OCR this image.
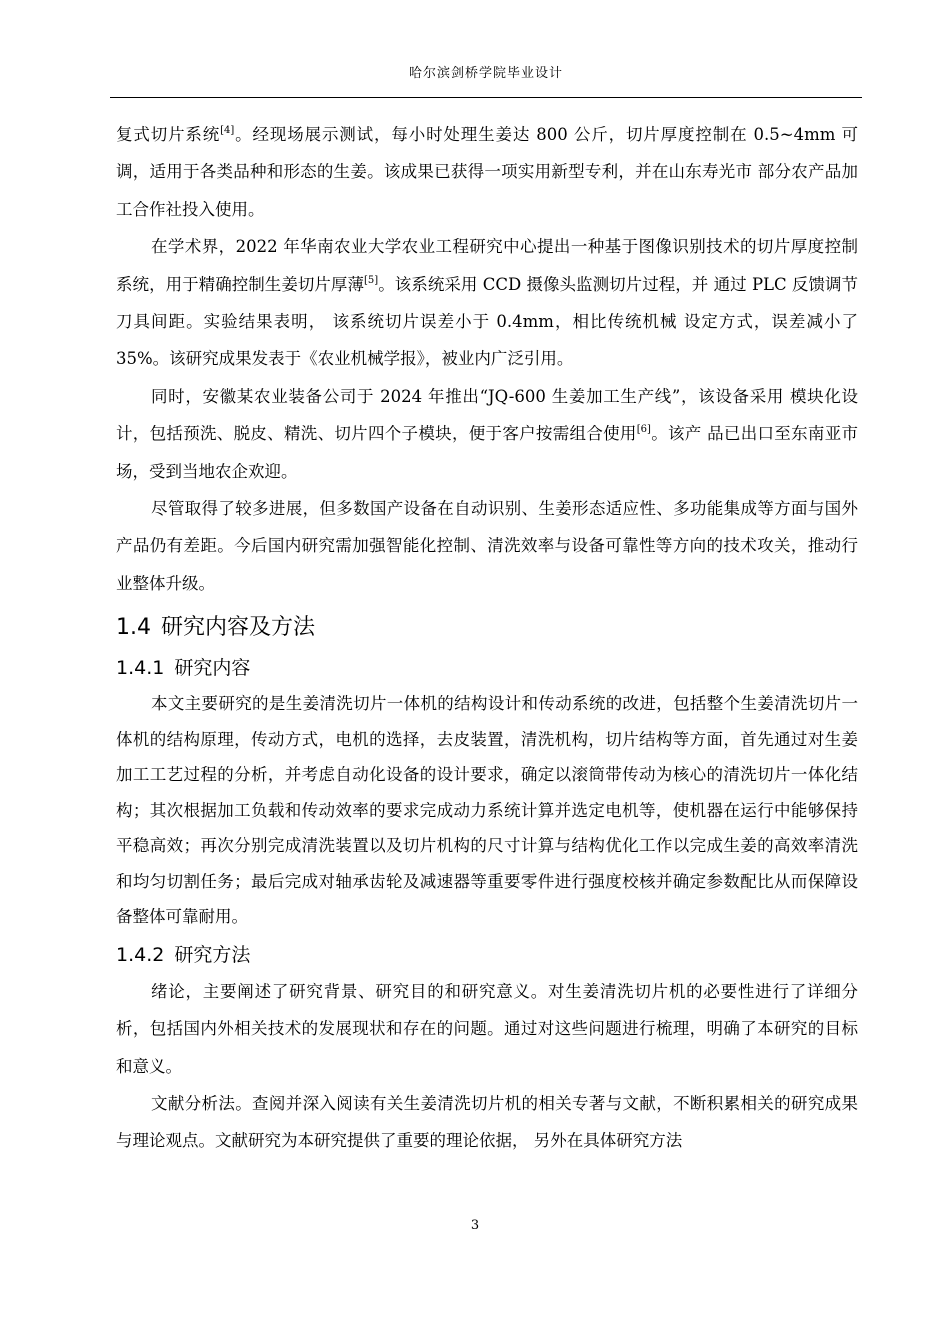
哈尔滨剑桥学院毕业设计

复式切片系统[4]。经现场展示测试，每小时处理生姜达 800 公斤，切片厚度控制在 0.5~4mm 可调，适用于各类品种和形态的生姜。该成果已获得一项实用新型专利，并在山东寿光市 部分农产品加工合作社投入使用。

在学术界，2022 年华南农业大学农业工程研究中心提出一种基于图像识别技术的切片厚度控制系统，用于精确控制生姜切片厚薄[5]。该系统采用 CCD 摄像头监测切片过程，并 通过 PLC 反馈调节刀具间距。实验结果表明， 该系统切片误差小于 0.4mm，相比传统机械 设定方式，误差减小了 35%。该研究成果发表于《农业机械学报》，被业内广泛引用。

同时，安徽某农业装备公司于 2024 年推出“JQ-600 生姜加工生产线”，该设备采用 模块化设计，包括预洗、脱皮、精洗、切片四个子模块，便于客户按需组合使用[6]。该产 品已出口至东南亚市场，受到当地农企欢迎。

尽管取得了较多进展，但多数国产设备在自动识别、生姜形态适应性、多功能集成等方面与国外产品仍有差距。今后国内研究需加强智能化控制、清洗效率与设备可靠性等方向的技术攻关，推动行业整体升级。

1.4 研究内容及方法
1.4.1 研究内容

本文主要研究的是生姜清洗切片一体机的结构设计和传动系统的改进，包括整个生姜清洗切片一体机的结构原理，传动方式，电机的选择，去皮装置，清洗机构，切片结构等方面，首先通过对生姜加工工艺过程的分析，并考虑自动化设备的设计要求，确定以滚筒带传动为核心的清洗切片一体化结构；其次根据加工负载和传动效率的要求完成动力系统计算并选定电机等，使机器在运行中能够保持平稳高效；再次分别完成清洗装置以及切片机构的尺寸计算与结构优化工作以完成生姜的高效率清洗和均匀切割任务；最后完成对轴承齿轮及减速器等重要零件进行强度校核并确定参数配比从而保障设备整体可靠耐用。

1.4.2 研究方法

绪论，主要阐述了研究背景、研究目的和研究意义。对生姜清洗切片机的必要性进行了详细分析，包括国内外相关技术的发展现状和存在的问题。通过对这些问题进行梳理，明确了本研究的目标和意义。

文献分析法。查阅并深入阅读有关生姜清洗切片机的相关专著与文献，不断积累相关的研究成果与理论观点。文献研究为本研究提供了重要的理论依据， 另外在具体研究方法

3
